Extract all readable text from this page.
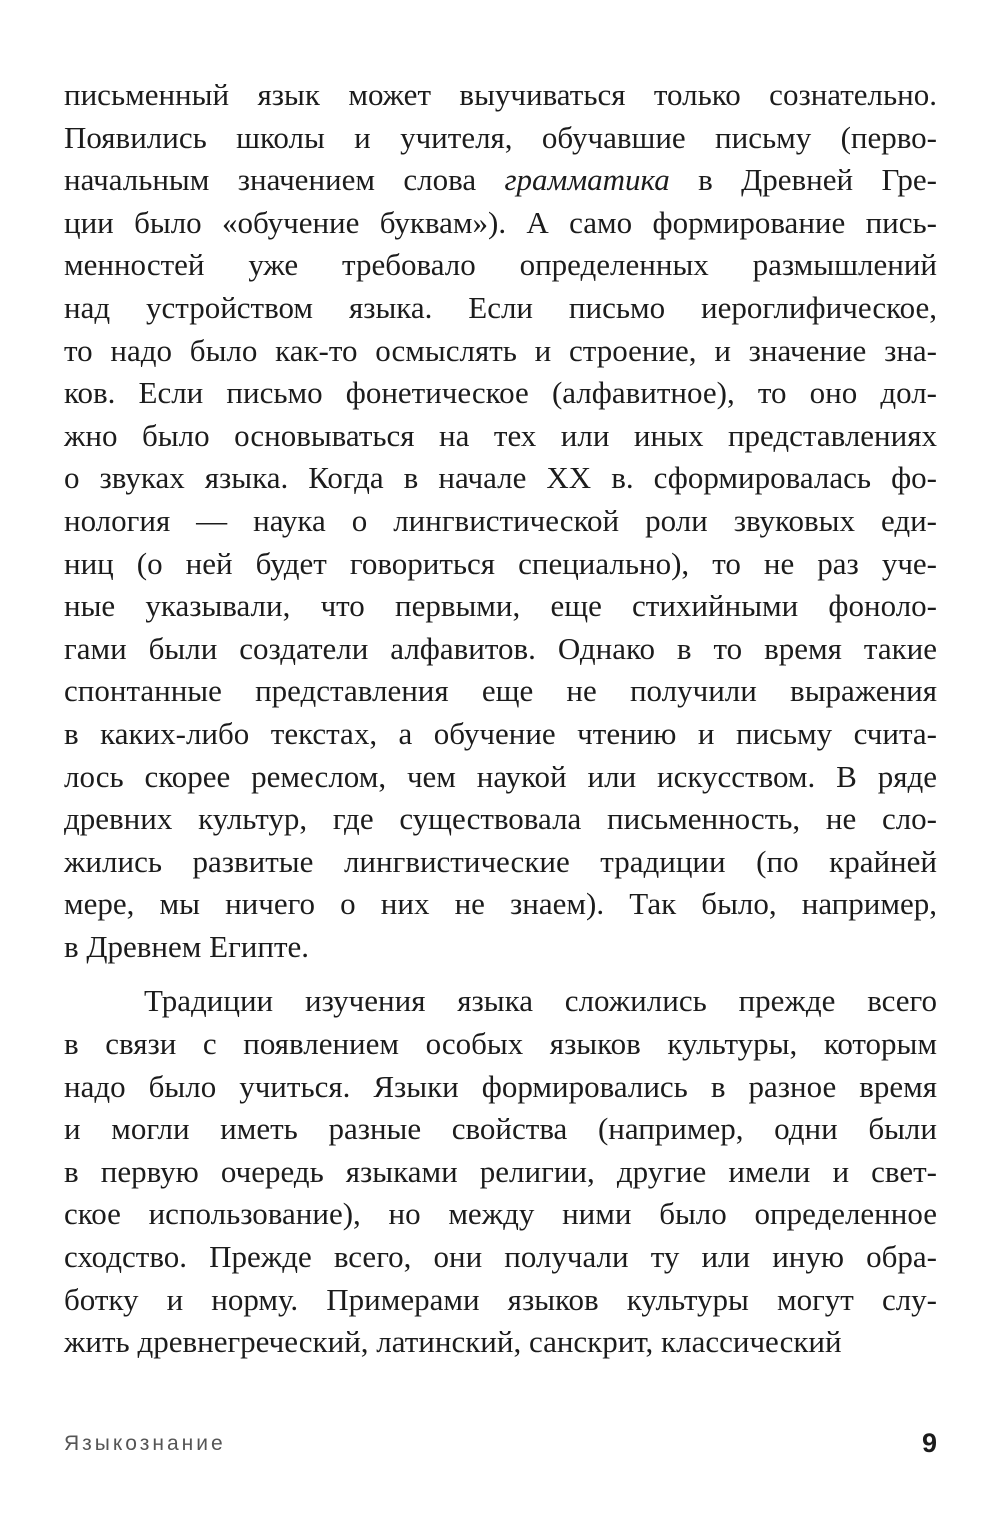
письменный язык может выучиваться только сознательно.
Появились школы и учителя, обучавшие письму (перво-
начальным значением слова грамматика в Древней Гре-
ции было «обучение буквам»). А само формирование пись-
менностей уже требовало определенных размышлений
над устройством языка. Если письмо иероглифическое,
то надо было как-то осмыслять и строение, и значение зна-
ков. Если письмо фонетическое (алфавитное), то оно дол-
жно было основываться на тех или иных представлениях
о звуках языка. Когда в начале XX в. сформировалась фо-
нология — наука о лингвистической роли звуковых еди-
ниц (о ней будет говориться специально), то не раз уче-
ные указывали, что первыми, еще стихийными фоноло-
гами были создатели алфавитов. Однако в то время такие
спонтанные представления еще не получили выражения
в каких-либо текстах, а обучение чтению и письму счита-
лось скорее ремеслом, чем наукой или искусством. В ряде
древних культур, где существовала письменность, не сло-
жились развитые лингвистические традиции (по крайней
мере, мы ничего о них не знаем). Так было, например,
в Древнем Египте.
Традиции изучения языка сложились прежде всего
в связи с появлением особых языков культуры, которым
надо было учиться. Языки формировались в разное время
и могли иметь разные свойства (например, одни были
в первую очередь языками религии, другие имели и свет-
ское использование), но между ними было определенное
сходство. Прежде всего, они получали ту или иную обра-
ботку и норму. Примерами языков культуры могут слу-
жить древнегреческий, латинский, санскрит, классический
Языкознание	9
